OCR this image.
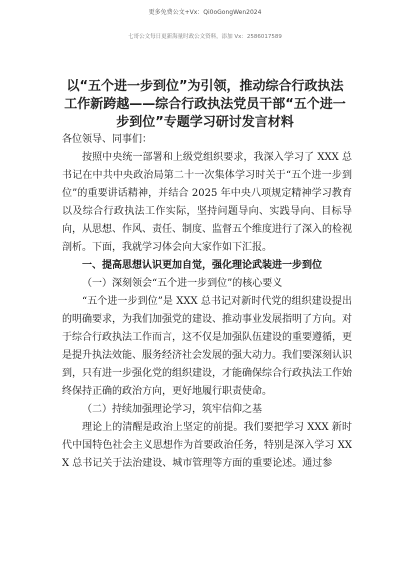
更多免费公文+Vx：Qi0oGongWen2024
七哥公文每日更新海量时政公文资料，添加 Vx：2586017589
以“五个进一步到位”为引领，推动综合行政执法工作新跨越——综合行政执法党员干部“五个进一步到位”专题学习研讨发言材料

各位领导、同事们：

按照中央统一部署和上级党组织要求，我深入学习了 XXX 总书记在中共中央政治局第二十一次集体学习时关于“五个进一步到位”的重要讲话精神，并结合 2025 年中央八项规定精神学习教育以及综合行政执法工作实际，坚持问题导向、实践导向、目标导向，从思想、作风、责任、制度、监督五个维度进行了深入的检视剖析。下面，我就学习体会向大家作如下汇报。

一、提高思想认识更加自觉，强化理论武装进一步到位

（一）深刻领会“五个进一步到位”的核心要义

“五个进一步到位”是 XXX 总书记对新时代党的组织建设提出的明确要求，为我们加强党的建设、推动事业发展指明了方向。对于综合行政执法工作而言，这不仅是加强队伍建设的重要遵循，更是提升执法效能、服务经济社会发展的强大动力。我们要深刻认识到，只有进一步强化党的组织建设，才能确保综合行政执法工作始终保持正确的政治方向，更好地履行职责使命。

（二）持续加强理论学习，筑牢信仰之基

理论上的清醒是政治上坚定的前提。我们要把学习 XXX 新时代中国特色社会主义思想作为首要政治任务，特别是深入学习 XXX 总书记关于法治建设、城市管理等方面的重要论述。通过参
